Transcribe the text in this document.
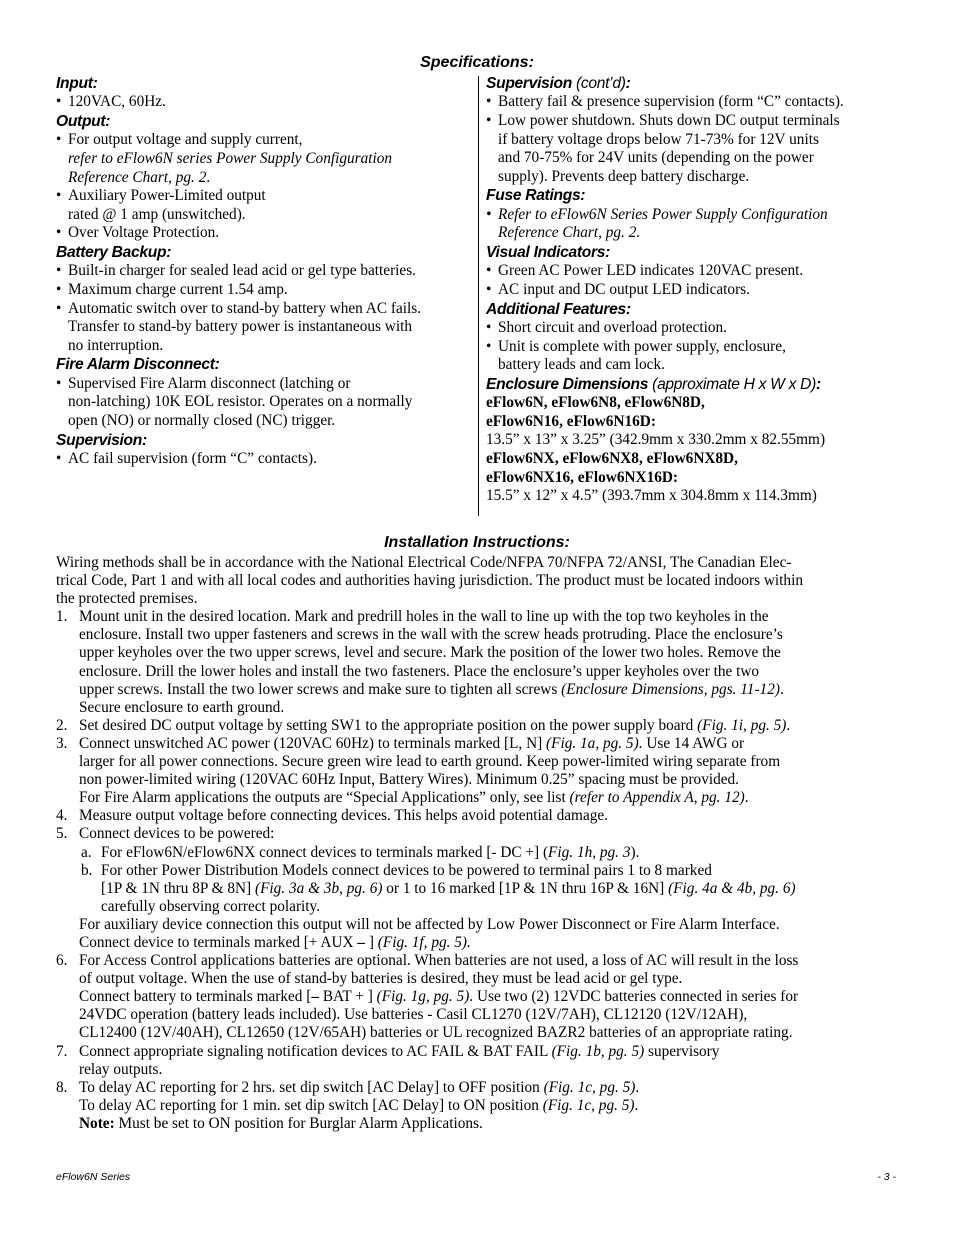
Specifications:
Input:
• 120VAC, 60Hz.
Output:
• For output voltage and supply current,
refer to eFlow6N series Power Supply Configuration
Reference Chart, pg. 2.
• Auxiliary Power-Limited output
rated @ 1 amp (unswitched).
• Over Voltage Protection.
Battery Backup:
• Built-in charger for sealed lead acid or gel type batteries.
• Maximum charge current 1.54 amp.
• Automatic switch over to stand-by battery when AC fails.
Transfer to stand-by battery power is instantaneous with
no interruption.
Fire Alarm Disconnect:
• Supervised Fire Alarm disconnect (latching or
non-latching) 10K EOL resistor. Operates on a normally
open (NO) or normally closed (NC) trigger.
Supervision:
• AC fail supervision (form “C” contacts).
Supervision (cont’d):
• Battery fail & presence supervision (form “C” contacts).
• Low power shutdown. Shuts down DC output terminals
if battery voltage drops below 71-73% for 12V units
and 70-75% for 24V units (depending on the power
supply). Prevents deep battery discharge.
Fuse Ratings:
• Refer to eFlow6N Series Power Supply Configuration
Reference Chart, pg. 2.
Visual Indicators:
• Green AC Power LED indicates 120VAC present.
• AC input and DC output LED indicators.
Additional Features:
• Short circuit and overload protection.
• Unit is complete with power supply, enclosure,
battery leads and cam lock.
Enclosure Dimensions (approximate H x W x D):
eFlow6N, eFlow6N8, eFlow6N8D,
eFlow6N16, eFlow6N16D:
13.5” x 13” x 3.25” (342.9mm x 330.2mm x 82.55mm)
eFlow6NX, eFlow6NX8, eFlow6NX8D,
eFlow6NX16, eFlow6NX16D:
15.5” x 12” x 4.5” (393.7mm x 304.8mm x 114.3mm)
Installation Instructions:
Wiring methods shall be in accordance with the National Electrical Code/NFPA 70/NFPA 72/ANSI, The Canadian Elec-
trical Code, Part 1 and with all local codes and authorities having jurisdiction. The product must be located indoors within
the protected premises.
1. Mount unit in the desired location. Mark and predrill holes in the wall to line up with the top two keyholes in the
enclosure. Install two upper fasteners and screws in the wall with the screw heads protruding. Place the enclosure’s
upper keyholes over the two upper screws, level and secure. Mark the position of the lower two holes. Remove the
enclosure. Drill the lower holes and install the two fasteners. Place the enclosure’s upper keyholes over the two
upper screws. Install the two lower screws and make sure to tighten all screws (Enclosure Dimensions, pgs. 11-12).
Secure enclosure to earth ground.
2. Set desired DC output voltage by setting SW1 to the appropriate position on the power supply board (Fig. 1i, pg. 5).
3. Connect unswitched AC power (120VAC 60Hz) to terminals marked [L, N] (Fig. 1a, pg. 5). Use 14 AWG or
larger for all power connections. Secure green wire lead to earth ground. Keep power-limited wiring separate from
non power-limited wiring (120VAC 60Hz Input, Battery Wires). Minimum 0.25” spacing must be provided.
For Fire Alarm applications the outputs are “Special Applications” only, see list (refer to Appendix A, pg. 12).
4. Measure output voltage before connecting devices. This helps avoid potential damage.
5. Connect devices to be powered:
a. For eFlow6N/eFlow6NX connect devices to terminals marked [- DC +] (Fig. 1h, pg. 3).
b. For other Power Distribution Models connect devices to be powered to terminal pairs 1 to 8 marked
[1P & 1N thru 8P & 8N] (Fig. 3a & 3b, pg. 6) or 1 to 16 marked [1P & 1N thru 16P & 16N] (Fig. 4a & 4b, pg. 6)
carefully observing correct polarity.
For auxiliary device connection this output will not be affected by Low Power Disconnect or Fire Alarm Interface.
Connect device to terminals marked [+ AUX – ] (Fig. 1f, pg. 5).
6. For Access Control applications batteries are optional. When batteries are not used, a loss of AC will result in the loss
of output voltage. When the use of stand-by batteries is desired, they must be lead acid or gel type.
Connect battery to terminals marked [– BAT + ] (Fig. 1g, pg. 5). Use two (2) 12VDC batteries connected in series for
24VDC operation (battery leads included). Use batteries - Casil CL1270 (12V/7AH), CL12120 (12V/12AH),
CL12400 (12V/40AH), CL12650 (12V/65AH) batteries or UL recognized BAZR2 batteries of an appropriate rating.
7. Connect appropriate signaling notification devices to AC FAIL & BAT FAIL (Fig. 1b, pg. 5) supervisory
relay outputs.
8. To delay AC reporting for 2 hrs. set dip switch [AC Delay] to OFF position (Fig. 1c, pg. 5).
To delay AC reporting for 1 min. set dip switch [AC Delay] to ON position (Fig. 1c, pg. 5).
Note: Must be set to ON position for Burglar Alarm Applications.
eFlow6N Series	- 3 -
